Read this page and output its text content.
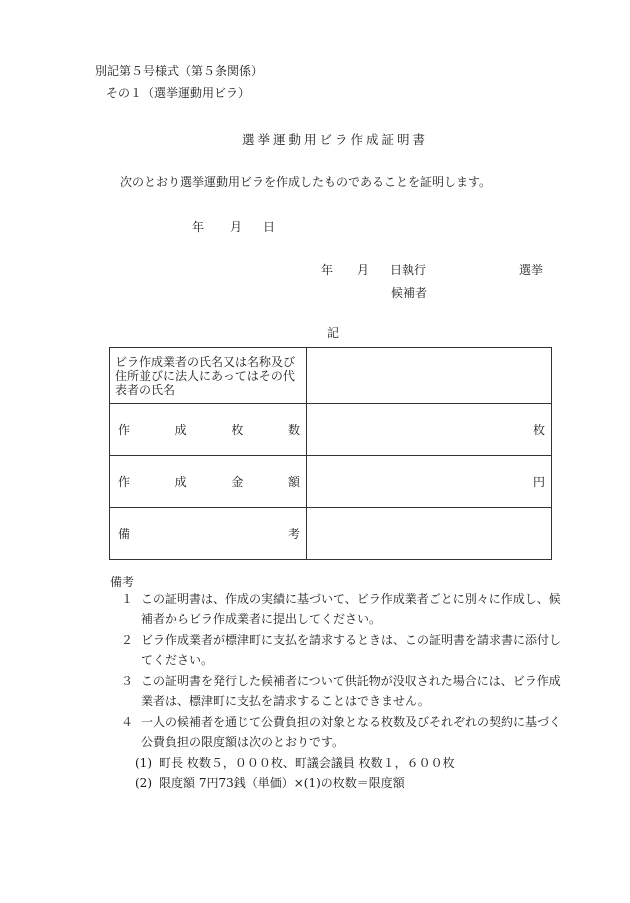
別記第５号様式（第５条関係）
その１（選挙運動用ビラ）
選挙運動用ビラ作成証明書
次のとおり選挙運動用ビラを作成したものであることを証明します。
年 月 日
年 月 日執行	選挙
候補者
記
ビラ作成業者の氏名又は名称及び住所並びに法人にあってはその代表者の氏名	

作 成 枚 数	枚

作 成 金 額	円

備 考	

備考
１ この証明書は、作成の実績に基づいて、ビラ作成業者ごとに別々に作成し、候補者からビラ作成業者に提出してください。
２ ビラ作成業者が標津町に支払を請求するときは、この証明書を請求書に添付してください。
３ この証明書を発行した候補者について供託物が没収された場合には、ビラ作成業者は、標津町に支払を請求することはできません。
４ 一人の候補者を通じて公費負担の対象となる枚数及びそれぞれの契約に基づく公費負担の限度額は次のとおりです。
(1) 町長 枚数５，０００枚、町議会議員 枚数１，６００枚
(2) 限度額 7円73銭（単価）×(1)の枚数＝限度額
